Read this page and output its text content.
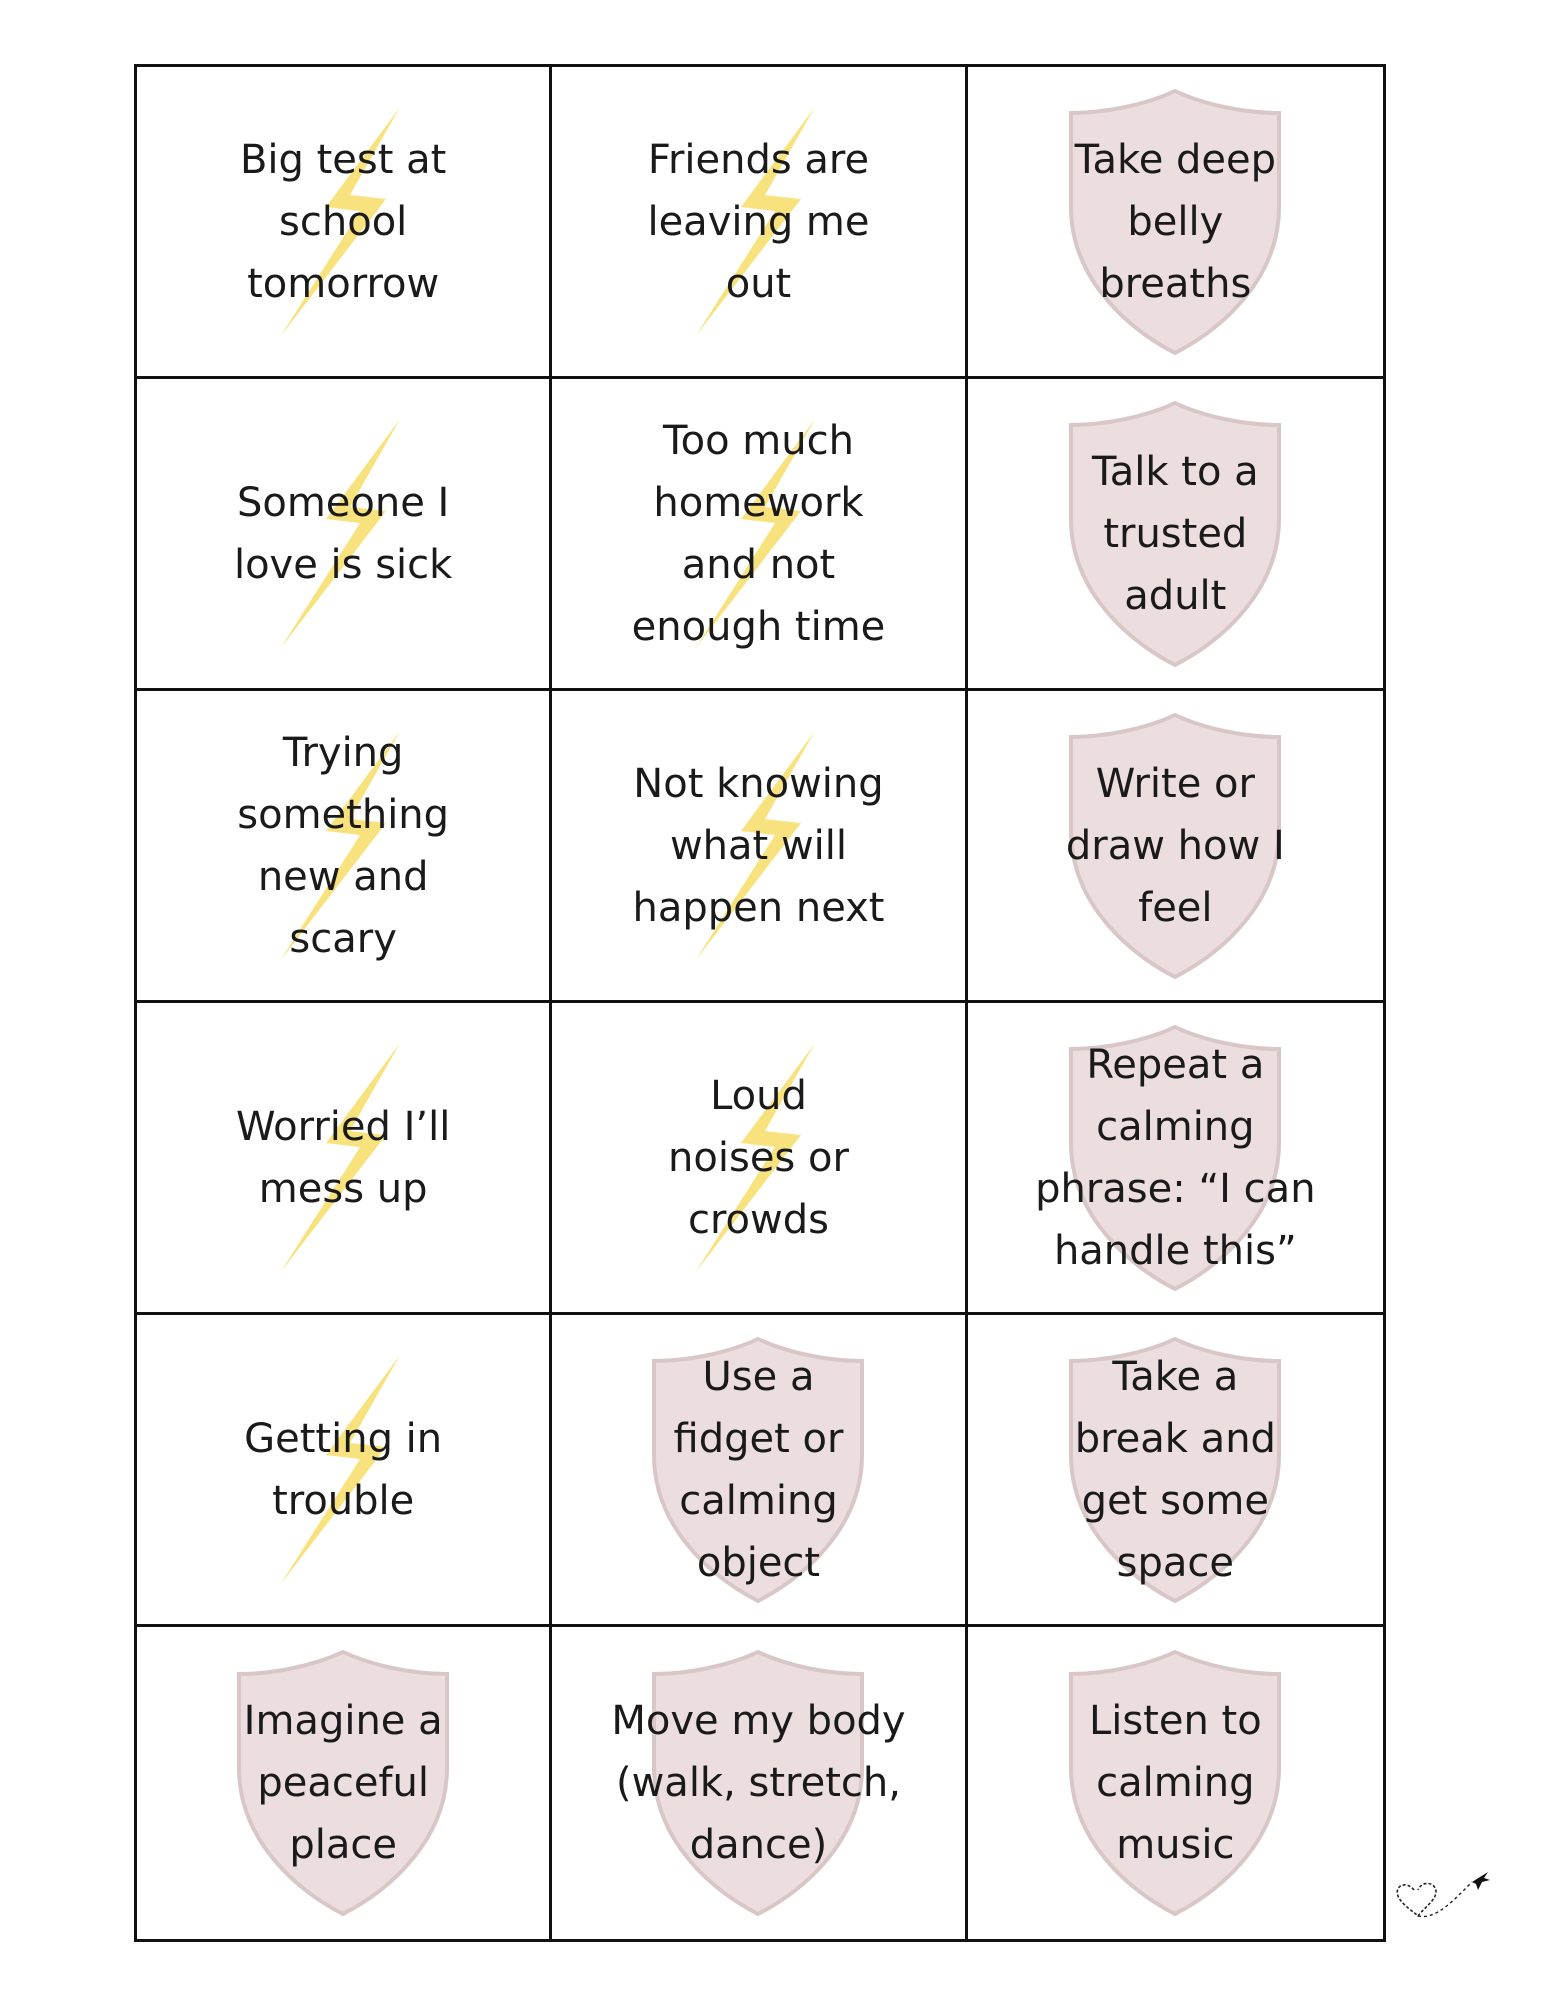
Big test at
school
tomorrow
Friends are
leaving me
out
Take deep
belly
breaths
Someone I
love is sick
Too much
homework
and not
enough time
Talk to a
trusted
adult
Trying
something
new and
scary
Not knowing
what will
happen next
Write or
draw how I
feel
Worried I’ll
mess up
Loud
noises or
crowds
Repeat a
calming
phrase: “I can
handle this”
Getting in
trouble
Use a
fidget or
calming
object
Take a
break and
get some
space
Imagine a
peaceful
place
Move my body
(walk, stretch,
dance)
Listen to
calming
music
